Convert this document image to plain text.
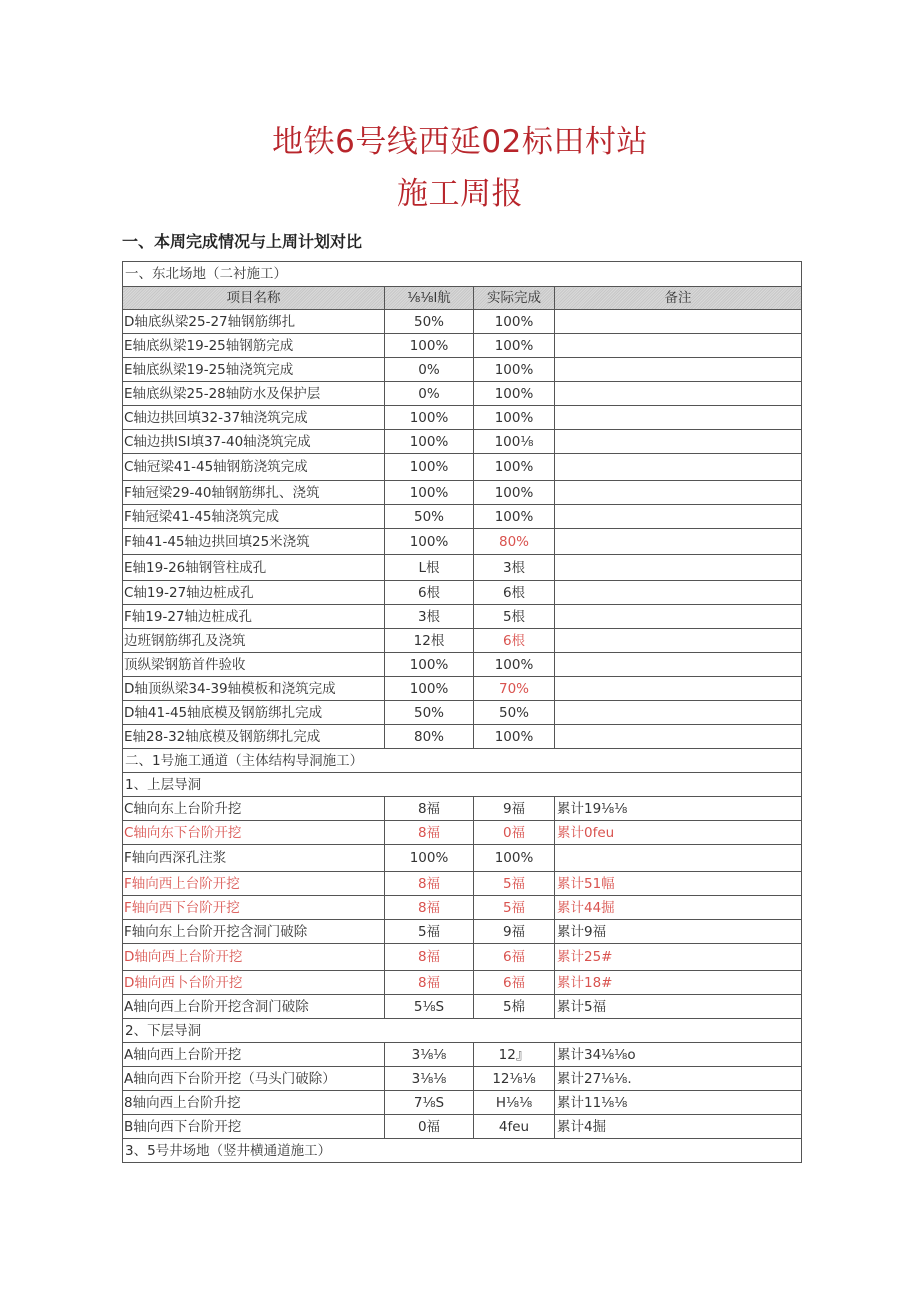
地铁6号线西延02标田村站
施工周报
一、本周完成情况与上周计划对比
一、东北场地（二衬施工）			
项目名称	⅛⅛l航	实际完成	备注
D轴底纵梁25-27轴钢筋绑扎	50%	100%	
E轴底纵梁19-25轴钢筋完成	100%	100%	
E轴底纵梁19-25轴浇筑完成	0%	100%	
E轴底纵梁25-28轴防水及保护层	0%	100%	
C轴边拱回填32-37轴浇筑完成	100%	100%	
C轴边拱ISI填37-40轴浇筑完成	100%	100⅛	
C轴冠梁41-45轴钢筋浇筑完成	100%	100%	
F轴冠梁29-40轴钢筋绑扎、浇筑	100%	100%	
F轴冠梁41-45轴浇筑完成	50%	100%	
F轴41-45轴边拱回填25米浇筑	100%	80%	
E轴19-26轴钢管柱成孔	L根	3根	
C轴19-27轴边桩成孔	6根	6根	
F轴19-27轴边桩成孔	3根	5根	
边班钢筋绑孔及浇筑	12根	6根	
顶纵梁钢筋首件验收	100%	100%	
D轴顶纵梁34-39轴模板和浇筑完成	100%	70%	
D轴41-45轴底模及钢筋绑扎完成	50%	50%	
E轴28-32轴底模及钢筋绑扎完成	80%	100%	
二、1号施工通道（主体结构导洞施工）			
1、上层导洞			
C轴向东上台阶升挖	8福	9福	累计19⅛⅛
C轴向东下台阶开挖	8福	0福	累计0feu
F轴向西深孔注浆	100%	100%	
F轴向西上台阶开挖	8福	5福	累计51幅
F轴向西下台阶开挖	8福	5福	累计44掘
F轴向东上台阶开挖含洞门破除	5福	9福	累计9福
D轴向西上台阶开挖	8福	6福	累计25#
D轴向西卜台阶开挖	8福	6福	累计18#
A轴向西上台阶开挖含洞门破除	5⅛S	5棉	累计5福
2、下层导洞			
A轴向西上台阶开挖	3⅛⅛	12』	累计34⅛⅛o
A轴向西下台阶开挖（马头门破除）	3⅛⅛	12⅛⅛	累计27⅛⅛.
8轴向西上台阶升挖	7⅛S	H⅛⅛	累计11⅛⅛
B轴向西下台阶开挖	0福	4feu	累计4掘
3、5号井场地（竖井横通道施工）			
